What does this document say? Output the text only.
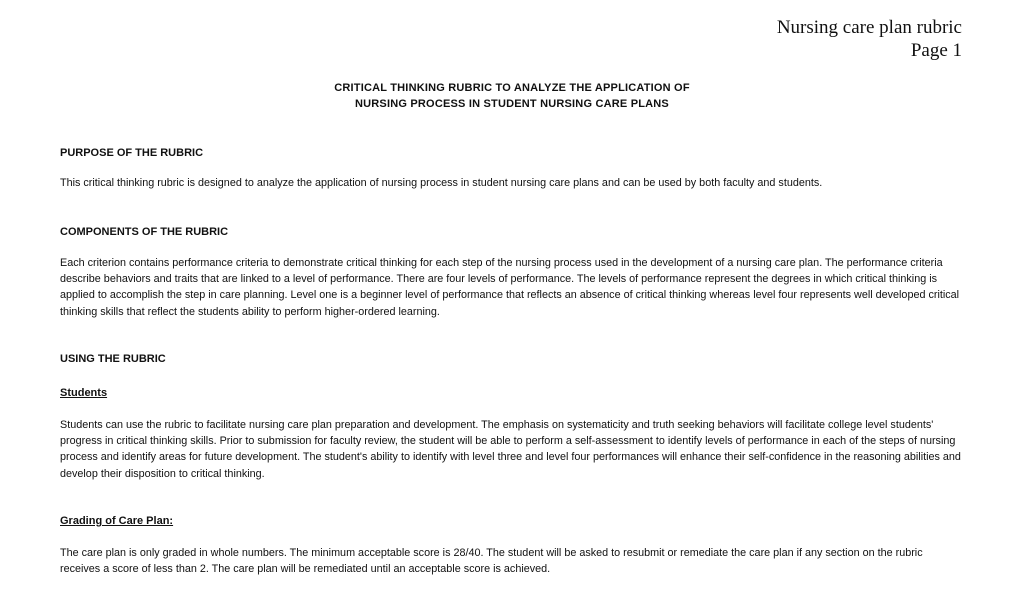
Nursing care plan rubric
Page 1
CRITICAL THINKING RUBRIC TO ANALYZE THE APPLICATION OF
NURSING PROCESS IN STUDENT NURSING CARE PLANS
PURPOSE OF THE RUBRIC
This critical thinking rubric is designed to analyze the application of nursing process in student nursing care plans and can be used by both faculty and students.
COMPONENTS OF THE RUBRIC
Each criterion contains performance criteria to demonstrate critical thinking for each step of the nursing process used in the development of a nursing care plan. The performance criteria describe behaviors and traits that are linked to a level of performance. There are four levels of performance. The levels of performance represent the degrees in which critical thinking is applied to accomplish the step in care planning. Level one is a beginner level of performance that reflects an absence of critical thinking whereas level four represents well developed critical thinking skills that reflect the students ability to perform higher-ordered learning.
USING THE RUBRIC
Students
Students can use the rubric to facilitate nursing care plan preparation and development. The emphasis on systematicity and truth seeking behaviors will facilitate college level students' progress in critical thinking skills. Prior to submission for faculty review, the student will be able to perform a self-assessment to identify levels of performance in each of the steps of nursing process and identify areas for future development. The student's ability to identify with level three and level four performances will enhance their self-confidence in the reasoning abilities and develop their disposition to critical thinking.
Grading of Care Plan:
The care plan is only graded in whole numbers. The minimum acceptable score is 28/40. The student will be asked to resubmit or remediate the care plan if any section on the rubric receives a score of less than 2. The care plan will be remediated until an acceptable score is achieved.
